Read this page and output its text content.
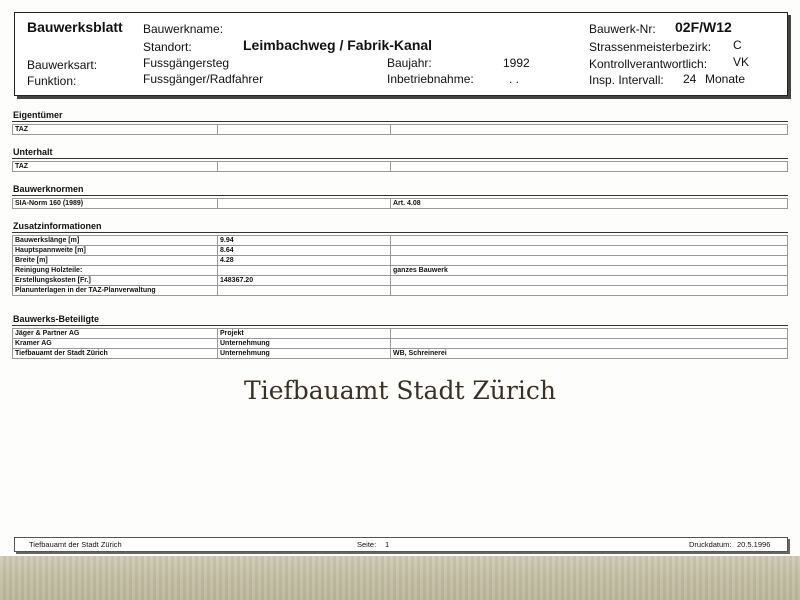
Bauwerksblatt Bauwerkname:
Standort:	Leimbachweg / Fabrik-Kanal
Bauwerksart:	Fussgängersteg
Funktion:	Fussgänger/Radfahrer
Baujahr:	1992
Inbetriebnahme:	. .
Bauwerk-Nr: 02F/W12
Strassenmeisterbezirk: C
Kontrollverantwortlich: VK
Insp. Intervall: 24 Monate
Eigentümer
TAZ		
Unterhalt
TAZ		
Bauwerknormen
SIA-Norm 160 (1989)		Art. 4.08
Zusatzinformationen
Bauwerkslänge [m]	9.94	
Hauptspannweite [m]	8.64	
Breite [m]	4.28	
Reinigung Holzteile:		ganzes Bauwerk
Erstellungskosten [Fr.]	148367.20	
Planunterlagen in der TAZ-Planverwaltung		
Bauwerks-Beteiligte
Jäger & Partner AG	Projekt	
Kramer AG	Unternehmung	
Tiefbauamt der Stadt Zürich	Unternehmung	WB, Schreinerei
Tiefbauamt Stadt Zürich
Tiefbauamt der Stadt Zürich	Seite: 1	Druckdatum: 20.5.1996
